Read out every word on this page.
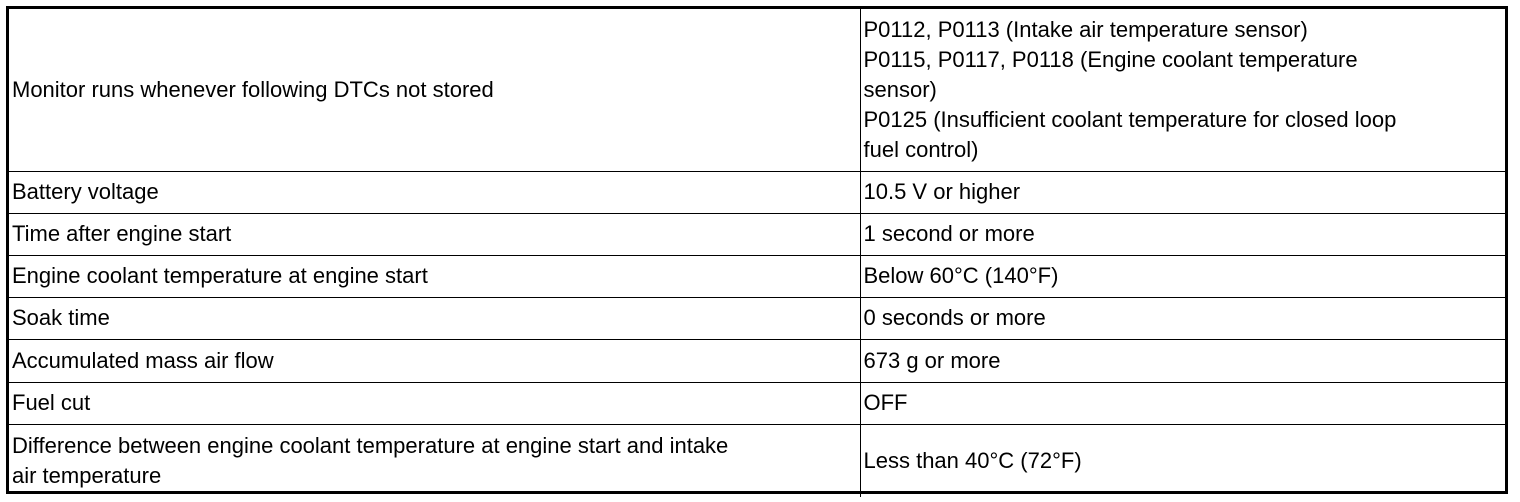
Monitor runs whenever following DTCs not stored	P0112, P0113 (Intake air temperature sensor)
P0115, P0117, P0118 (Engine coolant temperature
sensor)
P0125 (Insufficient coolant temperature for closed loop
fuel control)

Battery voltage	10.5 V or higher
Time after engine start	1 second or more
Engine coolant temperature at engine start	Below 60°C (140°F)
Soak time	0 seconds or more
Accumulated mass air flow	673 g or more
Fuel cut	OFF

Difference between engine coolant temperature at engine start and intake
air temperature	Less than 40°C (72°F)
